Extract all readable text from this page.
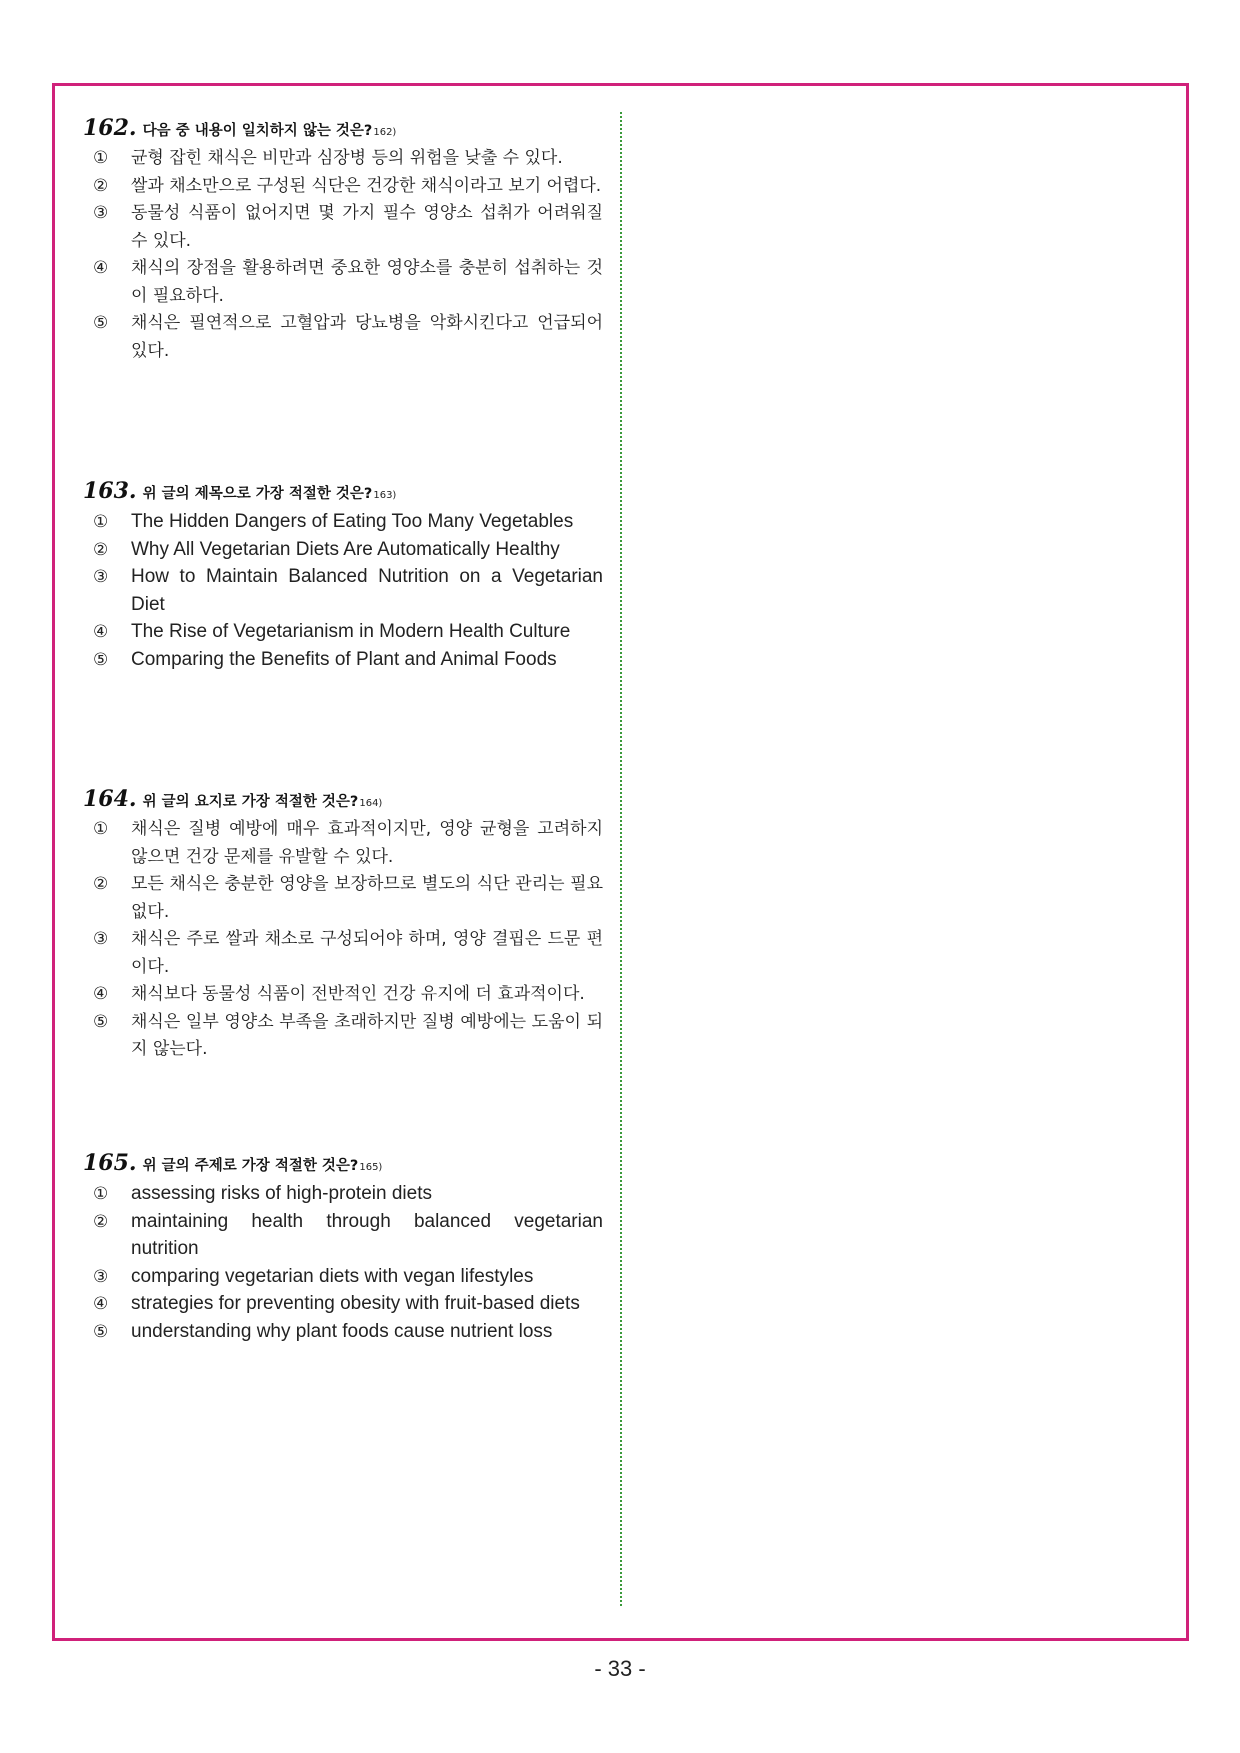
162. 다음 중 내용이 일치하지 않는 것은? 162)
① 균형 잡힌 채식은 비만과 심장병 등의 위험을 낮출 수 있다.
② 쌀과 채소만으로 구성된 식단은 건강한 채식이라고 보기 어렵다.
③ 동물성 식품이 없어지면 몇 가지 필수 영양소 섭취가 어려워질 수 있다.
④ 채식의 장점을 활용하려면 중요한 영양소를 충분히 섭취하는 것이 필요하다.
⑤ 채식은 필연적으로 고혈압과 당뇨병을 악화시킨다고 언급되어 있다.
163. 위 글의 제목으로 가장 적절한 것은? 163)
① The Hidden Dangers of Eating Too Many Vegetables
② Why All Vegetarian Diets Are Automatically Healthy
③ How to Maintain Balanced Nutrition on a Vegetarian Diet
④ The Rise of Vegetarianism in Modern Health Culture
⑤ Comparing the Benefits of Plant and Animal Foods
164. 위 글의 요지로 가장 적절한 것은? 164)
① 채식은 질병 예방에 매우 효과적이지만, 영양 균형을 고려하지 않으면 건강 문제를 유발할 수 있다.
② 모든 채식은 충분한 영양을 보장하므로 별도의 식단 관리는 필요 없다.
③ 채식은 주로 쌀과 채소로 구성되어야 하며, 영양 결핍은 드문 편이다.
④ 채식보다 동물성 식품이 전반적인 건강 유지에 더 효과적이다.
⑤ 채식은 일부 영양소 부족을 초래하지만 질병 예방에는 도움이 되지 않는다.
165. 위 글의 주제로 가장 적절한 것은? 165)
① assessing risks of high-protein diets
② maintaining health through balanced vegetarian nutrition
③ comparing vegetarian diets with vegan lifestyles
④ strategies for preventing obesity with fruit-based diets
⑤ understanding why plant foods cause nutrient loss
- 33 -
